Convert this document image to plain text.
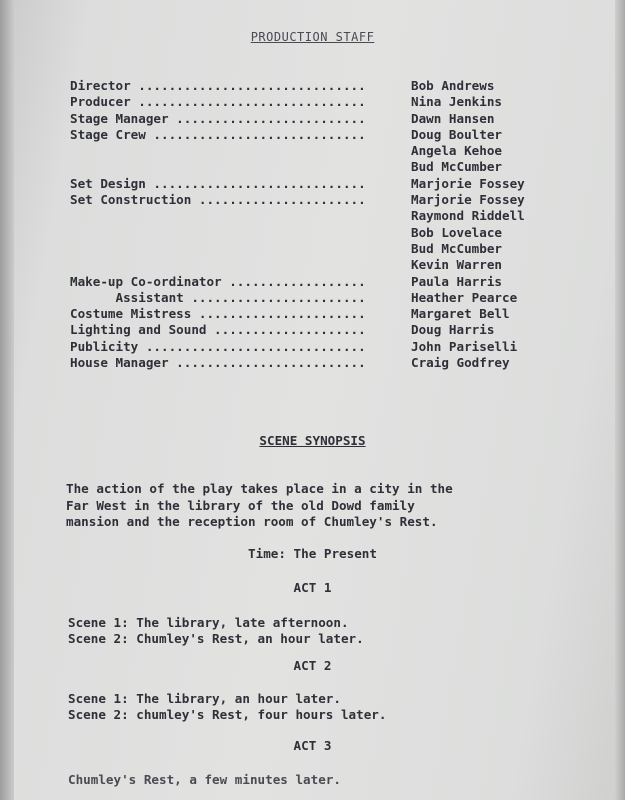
PRODUCTION STAFF
Director ..............................	Bob Andrews
Producer ..............................	Nina Jenkins
Stage Manager .........................	Dawn Hansen
Stage Crew ............................	Doug Boulter
Angela Kehoe
Bud McCumber
Set Design ............................	Marjorie Fossey
Set Construction ......................	Marjorie Fossey
Raymond Riddell
Bob Lovelace
Bud McCumber
Kevin Warren
Make-up Co-ordinator ..................	Paula Harris
Assistant .......................	Heather Pearce
Costume Mistress ......................	Margaret Bell
Lighting and Sound ....................	Doug Harris
Publicity .............................	John Pariselli
House Manager .........................	Craig Godfrey
SCENE SYNOPSIS
The action of the play takes place in a city in the
Far West in the library of the old Dowd family
mansion and the reception room of Chumley's Rest.
Time: The Present
ACT 1
Scene 1: The library, late afternoon.
Scene 2: Chumley's Rest, an hour later.
ACT 2
Scene 1: The library, an hour later.
Scene 2: chumley's Rest, four hours later.
ACT 3
Chumley's Rest, a few minutes later.
